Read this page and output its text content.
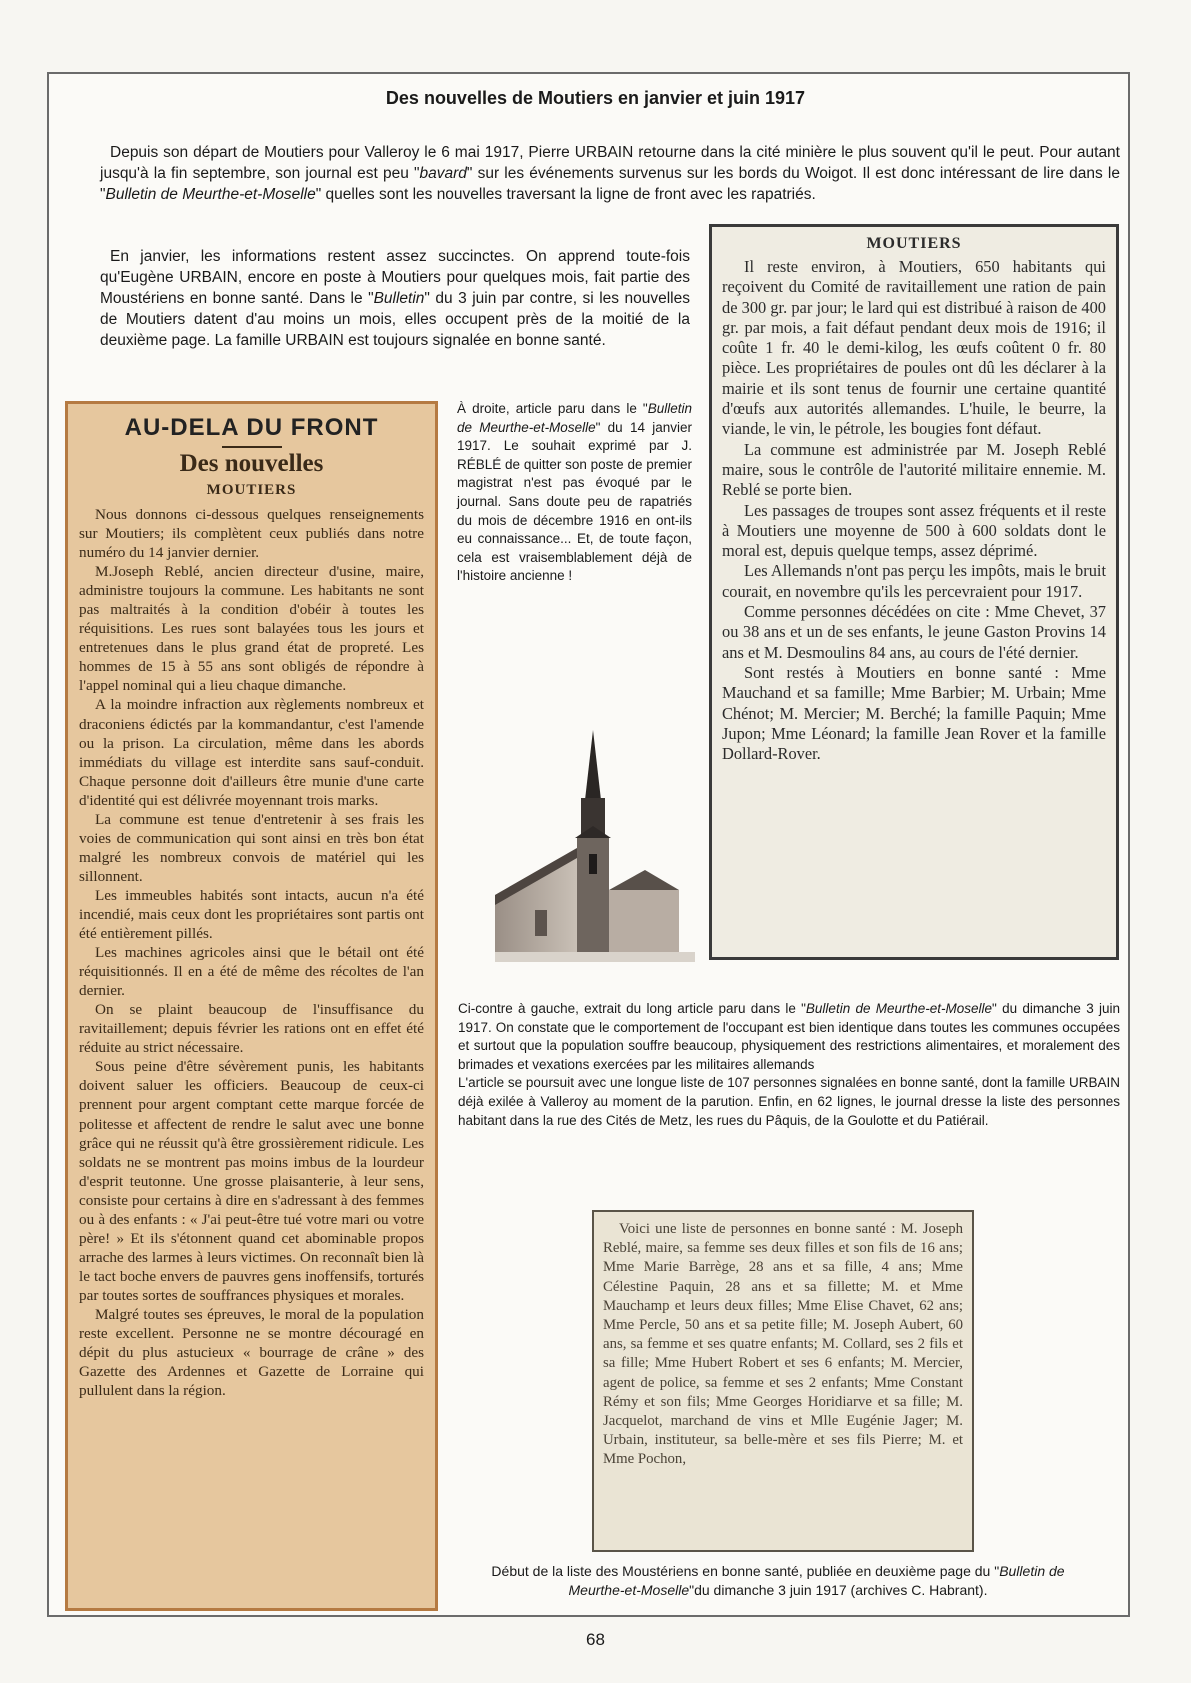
Des nouvelles de Moutiers en janvier et juin 1917
Depuis son départ de Moutiers pour Valleroy le 6 mai 1917, Pierre URBAIN retourne dans la cité minière le plus souvent qu'il le peut. Pour autant jusqu'à la fin septembre, son journal est peu "bavard" sur les événements survenus sur les bords du Woigot. Il est donc intéressant de lire dans le "Bulletin de Meurthe-et-Moselle" quelles sont les nouvelles traversant la ligne de front avec les rapatriés.
En janvier, les informations restent assez succinctes. On apprend toute-fois qu'Eugène URBAIN, encore en poste à Moutiers pour quelques mois, fait partie des Moustériens en bonne santé. Dans le "Bulletin" du 3 juin par contre, si les nouvelles de Moutiers datent d'au moins un mois, elles occupent près de la moitié de la deuxième page. La famille URBAIN est toujours signalée en bonne santé.
AU-DELA DU FRONT
Des nouvelles
MOUTIERS

Nous donnons ci-dessous quelques renseignements sur Moutiers; ils complètent ceux publiés dans notre numéro du 14 janvier dernier.

M.Joseph Reblé, ancien directeur d'usine, maire, administre toujours la commune. Les habitants ne sont pas maltraités à la condition d'obéir à toutes les réquisitions. Les rues sont balayées tous les jours et entretenues dans le plus grand état de propreté. Les hommes de 15 à 55 ans sont obligés de répondre à l'appel nominal qui a lieu chaque dimanche.

A la moindre infraction aux règlements nombreux et draconiens édictés par la kommandantur, c'est l'amende ou la prison. La circulation, même dans les abords immédiats du village est interdite sans sauf-conduit. Chaque personne doit d'ailleurs être munie d'une carte d'identité qui est délivrée moyennant trois marks.

La commune est tenue d'entretenir à ses frais les voies de communication qui sont ainsi en très bon état malgré les nombreux convois de matériel qui les sillonnent.

Les immeubles habités sont intacts, aucun n'a été incendié, mais ceux dont les propriétaires sont partis ont été entièrement pillés.

Les machines agricoles ainsi que le bétail ont été réquisitionnés. Il en a été de même des récoltes de l'an dernier.

On se plaint beaucoup de l'insuffisance du ravitaillement; depuis février les rations ont en effet été réduite au strict nécessaire.

Sous peine d'être sévèrement punis, les habitants doivent saluer les officiers. Beaucoup de ceux-ci prennent pour argent comptant cette marque forcée de politesse et affectent de rendre le salut avec une bonne grâce qui ne réussit qu'à être grossièrement ridicule. Les soldats ne se montrent pas moins imbus de la lourdeur d'esprit teutonne. Une grosse plaisanterie, à leur sens, consiste pour certains à dire en s'adressant à des femmes ou à des enfants : « J'ai peut-être tué votre mari ou votre père! » Et ils s'étonnent quand cet abominable propos arrache des larmes à leurs victimes. On reconnaît bien là le tact boche envers de pauvres gens inoffensifs, torturés par toutes sortes de souffrances physiques et morales.

Malgré toutes ses épreuves, le moral de la population reste excellent. Personne ne se montre découragé en dépit du plus astucieux « bourrage de crâne » des Gazette des Ardennes et Gazette de Lorraine qui pullulent dans la région.

À droite, article paru dans le "Bulletin de Meurthe-et-Moselle" du 14 janvier 1917. Le souhait exprimé par J. RÉBLÉ de quitter son poste de premier magistrat n'est pas évoqué par le journal. Sans doute peu de rapatriés du mois de décembre 1916 en ont-ils eu connaissance... Et, de toute façon, cela est vraisemblablement déjà de l'histoire ancienne !
MOUTIERS

Il reste environ, à Moutiers, 650 habitants qui reçoivent du Comité de ravitaillement une ration de pain de 300 gr. par jour; le lard qui est distribué à raison de 400 gr. par mois, a fait défaut pendant deux mois de 1916; il coûte 1 fr. 40 le demi-kilog, les œufs coûtent 0 fr. 80 pièce. Les propriétaires de poules ont dû les déclarer à la mairie et ils sont tenus de fournir une certaine quantité d'œufs aux autorités allemandes. L'huile, le beurre, la viande, le vin, le pétrole, les bougies font défaut.

La commune est administrée par M. Joseph Reblé maire, sous le contrôle de l'autorité militaire ennemie. M. Reblé se porte bien.

Les passages de troupes sont assez fréquents et il reste à Moutiers une moyenne de 500 à 600 soldats dont le moral est, depuis quelque temps, assez déprimé.

Les Allemands n'ont pas perçu les impôts, mais le bruit courait, en novembre qu'ils les percevraient pour 1917.

Comme personnes décédées on cite : Mme Chevet, 37 ou 38 ans et un de ses enfants, le jeune Gaston Provins 14 ans et M. Desmoulins 84 ans, au cours de l'été dernier.

Sont restés à Moutiers en bonne santé : Mme Mauchand et sa famille; Mme Barbier; M. Urbain; Mme Chénot; M. Mercier; M. Berché; la famille Paquin; Mme Jupon; Mme Léonard; la famille Jean Rover et la famille Dollard-Rover.

Ci-contre à gauche, extrait du long article paru dans le "Bulletin de Meurthe-et-Moselle" du dimanche 3 juin 1917. On constate que le comportement de l'occupant est bien identique dans toutes les communes occupées et surtout que la population souffre beaucoup, physiquement des restrictions alimentaires, et moralement des brimades et vexations exercées par les militaires allemands
L'article se poursuit avec une longue liste de 107 personnes signalées en bonne santé, dont la famille URBAIN déjà exilée à Valleroy au moment de la parution. Enfin, en 62 lignes, le journal dresse la liste des personnes habitant dans la rue des Cités de Metz, les rues du Pâquis, de la Goulotte et du Patiérail.

Voici une liste de personnes en bonne santé : M. Joseph Reblé, maire, sa femme ses deux filles et son fils de 16 ans; Mme Marie Barrège, 28 ans et sa fille, 4 ans; Mme Célestine Paquin, 28 ans et sa fillette; M. et Mme Mauchamp et leurs deux filles; Mme Elise Chavet, 62 ans; Mme Percle, 50 ans et sa petite fille; M. Joseph Aubert, 60 ans, sa femme et ses quatre enfants; M. Collard, ses 2 fils et sa fille; Mme Hubert Robert et ses 6 enfants; M. Mercier, agent de police, sa femme et ses 2 enfants; Mme Constant Rémy et son fils; Mme Georges Horidiarve et sa fille; M. Jacquelot, marchand de vins et Mlle Eugénie Jager; M. Urbain, instituteur, sa belle-mère et ses fils Pierre; M. et Mme Pochon,

Début de la liste des Moustériens en bonne santé, publiée en deuxième page du "Bulletin de Meurthe-et-Moselle"du dimanche 3 juin 1917 (archives C. Habrant).
68
